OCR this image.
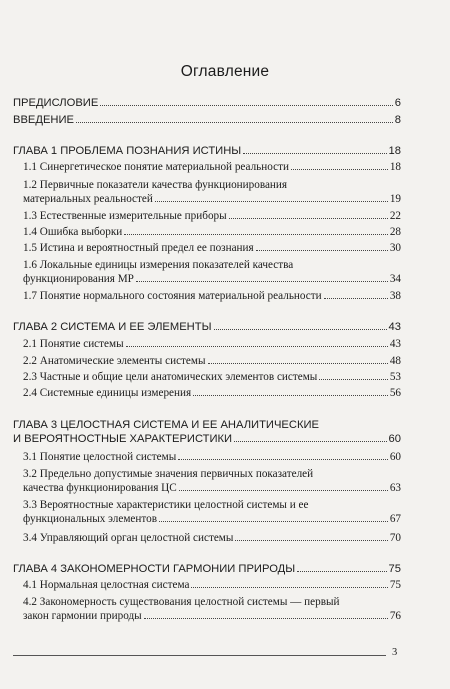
Оглавление
ПРЕДИСЛОВИЕ	6
ВВЕДЕНИЕ	8
ГЛАВА 1 ПРОБЛЕМА ПОЗНАНИЯ ИСТИНЫ	18
1.1 Синергетическое понятие материальной реальности	18
1.2 Первичные показатели качества функционирования
материальных реальностей	19
1.3 Естественные измерительные приборы	22
1.4 Ошибка выборки	28
1.5 Истина и вероятностный предел ее познания	30
1.6 Локальные единицы измерения показателей качества
функционирования МР	34
1.7 Понятие нормального состояния материальной реальности	38
ГЛАВА 2 СИСТЕМА И ЕЕ ЭЛЕМЕНТЫ	43
2.1 Понятие системы	43
2.2 Анатомические элементы системы	48
2.3 Частные и общие цели анатомических элементов системы	53
2.4 Системные единицы измерения	56
ГЛАВА 3 ЦЕЛОСТНАЯ СИСТЕМА И ЕЕ АНАЛИТИЧЕСКИЕ
И ВЕРОЯТНОСТНЫЕ ХАРАКТЕРИСТИКИ	60
3.1 Понятие целостной системы	60
3.2 Предельно допустимые значения первичных показателей
качества функционирования ЦС	63
3.3 Вероятностные характеристики целостной системы и ее
функциональных элементов	67
3.4 Управляющий орган целостной системы	70
ГЛАВА 4 ЗАКОНОМЕРНОСТИ ГАРМОНИИ ПРИРОДЫ	75
4.1 Нормальная целостная система	75
4.2 Закономерность существования целостной системы — первый
закон гармонии природы	76
3
